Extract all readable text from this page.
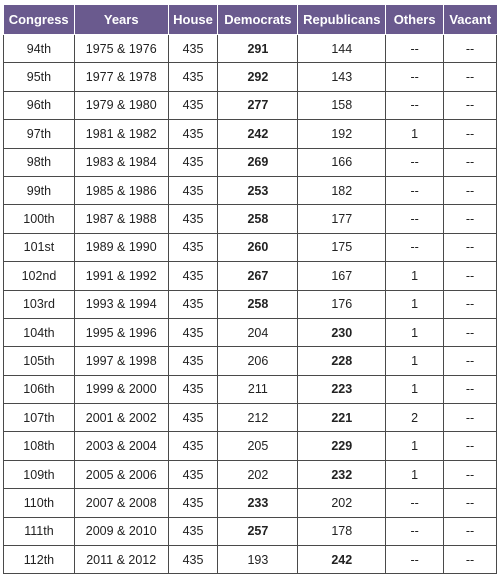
Congress	Years	House	Democrats	Republicans	Others	Vacant
94th	1975 & 1976	435	291	144	--	--
95th	1977 & 1978	435	292	143	--	--
96th	1979 & 1980	435	277	158	--	--
97th	1981 & 1982	435	242	192	1	--
98th	1983 & 1984	435	269	166	--	--
99th	1985 & 1986	435	253	182	--	--
100th	1987 & 1988	435	258	177	--	--
101st	1989 & 1990	435	260	175	--	--
102nd	1991 & 1992	435	267	167	1	--
103rd	1993 & 1994	435	258	176	1	--
104th	1995 & 1996	435	204	230	1	--
105th	1997 & 1998	435	206	228	1	--
106th	1999 & 2000	435	211	223	1	--
107th	2001 & 2002	435	212	221	2	--
108th	2003 & 2004	435	205	229	1	--
109th	2005 & 2006	435	202	232	1	--
110th	2007 & 2008	435	233	202	--	--
111th	2009 & 2010	435	257	178	--	--
112th	2011 & 2012	435	193	242	--	--
